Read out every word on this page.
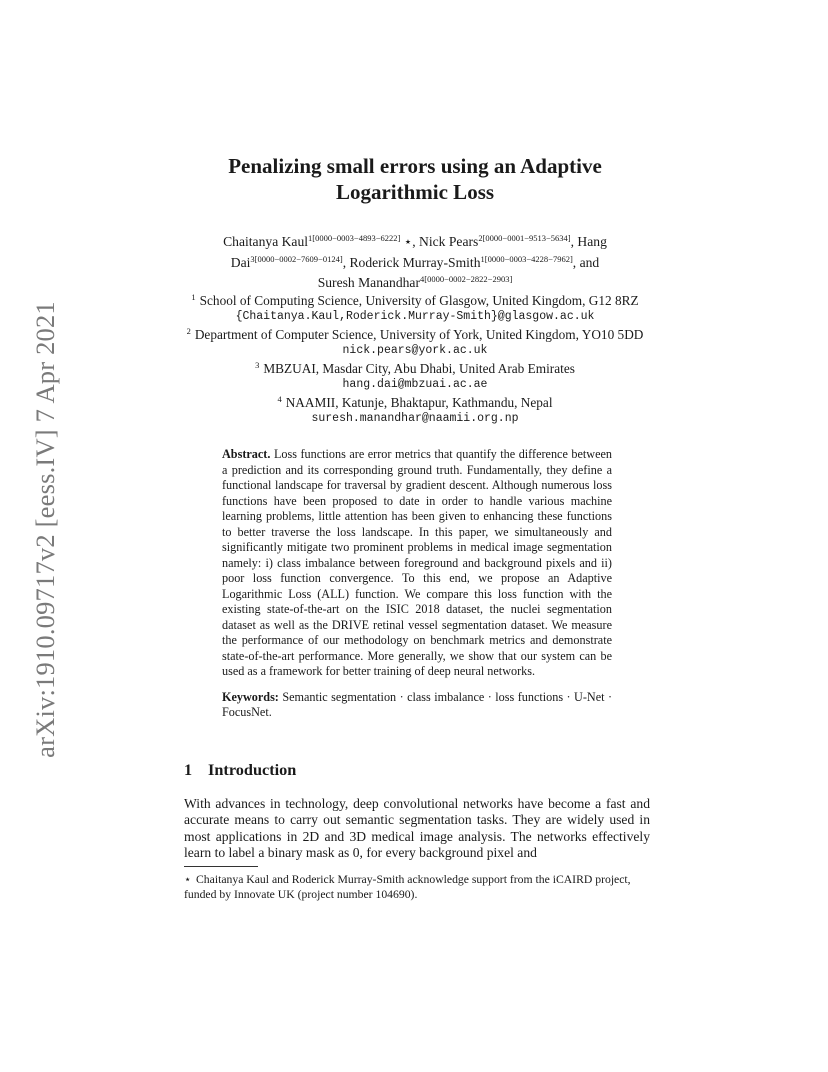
arXiv:1910.09717v2 [eess.IV] 7 Apr 2021
Penalizing small errors using an Adaptive
Logarithmic Loss
Chaitanya Kaul$^{1[0000-0003-4893-6222]}$ ⋆, Nick Pears$^{2[0000-0001-9513-5634]}$, Hang
Dai$^{3[0000-0002-7609-0124]}$, Roderick Murray-Smith$^{1[0000-0003-4228-7962]}$, and
Suresh Manandhar$^{4[0000-0002-2822-2903]}$
$^1$ School of Computing Science, University of Glasgow, United Kingdom, G12 8RZ
{Chaitanya.Kaul,Roderick.Murray-Smith}@glasgow.ac.uk
$^2$ Department of Computer Science, University of York, United Kingdom, YO10 5DD
nick.pears@york.ac.uk
$^3$ MBZUAI, Masdar City, Abu Dhabi, United Arab Emirates
hang.dai@mbzuai.ac.ae
$^4$ NAAMII, Katunje, Bhaktapur, Kathmandu, Nepal
suresh.manandhar@naamii.org.np

Abstract. Loss functions are error metrics that quantify the difference between a prediction and its corresponding ground truth. Fundamentally, they define a functional landscape for traversal by gradient descent. Although numerous loss functions have been proposed to date in order to handle various machine learning problems, little attention has been given to enhancing these functions to better traverse the loss landscape. In this paper, we simultaneously and significantly mitigate two prominent problems in medical image segmentation namely: i) class imbalance between foreground and background pixels and ii) poor loss function convergence. To this end, we propose an Adaptive Logarithmic Loss (ALL) function. We compare this loss function with the existing state-of-the-art on the ISIC 2018 dataset, the nuclei segmentation dataset as well as the DRIVE retinal vessel segmentation dataset. We measure the performance of our methodology on benchmark metrics and demonstrate state-of-the-art performance. More generally, we show that our system can be used as a framework for better training of deep neural networks.

Keywords: Semantic segmentation · class imbalance · loss functions · U-Net · FocusNet.

1 Introduction

With advances in technology, deep convolutional networks have become a fast and accurate means to carry out semantic segmentation tasks. They are widely used in most applications in 2D and 3D medical image analysis. The networks effectively learn to label a binary mask as 0, for every background pixel and

⋆ Chaitanya Kaul and Roderick Murray-Smith acknowledge support from the iCAIRD project, funded by Innovate UK (project number 104690).
